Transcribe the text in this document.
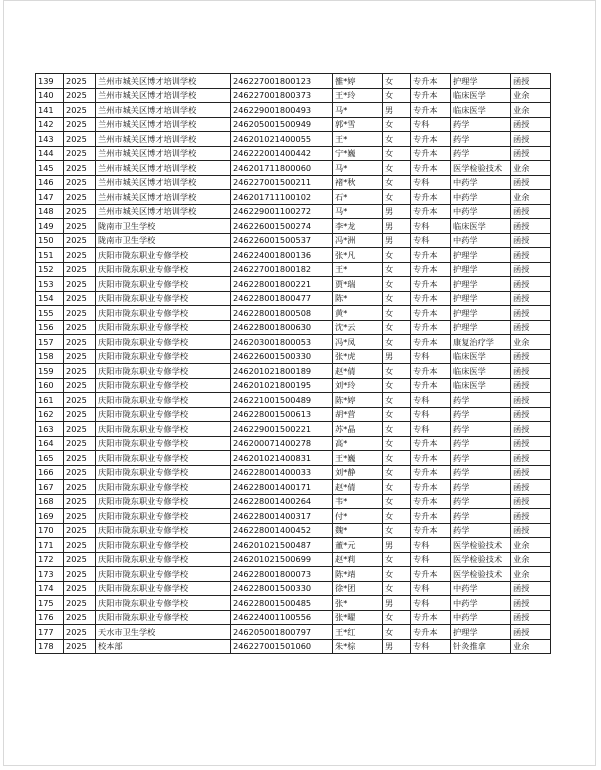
139	2025	兰州市城关区博才培训学校	246227001800123	雒*婷	女	专升本	护理学	函授
140	2025	兰州市城关区博才培训学校	246227001800373	王*玲	女	专升本	临床医学	业余
141	2025	兰州市城关区博才培训学校	246229001800493	马*	男	专升本	临床医学	业余
142	2025	兰州市城关区博才培训学校	246205001500949	郭*雪	女	专科	药学	函授
143	2025	兰州市城关区博才培训学校	246201021400055	王*	女	专升本	药学	函授
144	2025	兰州市城关区博才培训学校	246222001400442	宁*巍	女	专升本	药学	函授
145	2025	兰州市城关区博才培训学校	246201711800060	马*	女	专升本	医学检验技术	业余
146	2025	兰州市城关区博才培训学校	246227001500211	褚*秋	女	专科	中药学	函授
147	2025	兰州市城关区博才培训学校	246201711100102	石*	女	专升本	中药学	业余
148	2025	兰州市城关区博才培训学校	246229001100272	马*	男	专升本	中药学	函授
149	2025	陇南市卫生学校	246226001500274	李*龙	男	专科	临床医学	函授
150	2025	陇南市卫生学校	246226001500537	冯*洲	男	专科	中药学	函授
151	2025	庆阳市陇东职业专修学校	246224001800136	张*凡	女	专升本	护理学	函授
152	2025	庆阳市陇东职业专修学校	246227001800182	王*	女	专升本	护理学	函授
153	2025	庆阳市陇东职业专修学校	246228001800221	贾*瑞	女	专升本	护理学	函授
154	2025	庆阳市陇东职业专修学校	246228001800477	陈*	女	专升本	护理学	函授
155	2025	庆阳市陇东职业专修学校	246228001800508	黄*	女	专升本	护理学	函授
156	2025	庆阳市陇东职业专修学校	246228001800630	沈*云	女	专升本	护理学	函授
157	2025	庆阳市陇东职业专修学校	246203001800053	冯*凤	女	专升本	康复治疗学	业余
158	2025	庆阳市陇东职业专修学校	246226001500330	张*虎	男	专科	临床医学	函授
159	2025	庆阳市陇东职业专修学校	246201021800189	赵*倩	女	专升本	临床医学	函授
160	2025	庆阳市陇东职业专修学校	246201021800195	刘*玲	女	专升本	临床医学	函授
161	2025	庆阳市陇东职业专修学校	246221001500489	陈*婷	女	专科	药学	函授
162	2025	庆阳市陇东职业专修学校	246228001500613	胡*营	女	专科	药学	函授
163	2025	庆阳市陇东职业专修学校	246229001500221	苏*晶	女	专科	药学	函授
164	2025	庆阳市陇东职业专修学校	246200071400278	高*	女	专升本	药学	函授
165	2025	庆阳市陇东职业专修学校	246201021400831	王*巍	女	专升本	药学	函授
166	2025	庆阳市陇东职业专修学校	246228001400033	刘*静	女	专升本	药学	函授
167	2025	庆阳市陇东职业专修学校	246228001400171	赵*倩	女	专升本	药学	函授
168	2025	庆阳市陇东职业专修学校	246228001400264	韦*	女	专升本	药学	函授
169	2025	庆阳市陇东职业专修学校	246228001400317	付*	女	专升本	药学	函授
170	2025	庆阳市陇东职业专修学校	246228001400452	魏*	女	专升本	药学	函授
171	2025	庆阳市陇东职业专修学校	246201021500487	董*元	男	专科	医学检验技术	业余
172	2025	庆阳市陇东职业专修学校	246201021500699	赵*莉	女	专科	医学检验技术	业余
173	2025	庆阳市陇东职业专修学校	246228001800073	陈*靖	女	专升本	医学检验技术	业余
174	2025	庆阳市陇东职业专修学校	246228001500330	徐*团	女	专科	中药学	函授
175	2025	庆阳市陇东职业专修学校	246228001500485	张*	男	专科	中药学	函授
176	2025	庆阳市陇东职业专修学校	246224001100556	张*曜	女	专升本	中药学	函授
177	2025	天水市卫生学校	246205001800797	王*红	女	专升本	护理学	函授
178	2025	校本部	246227001501060	朱*棕	男	专科	针灸推拿	业余
